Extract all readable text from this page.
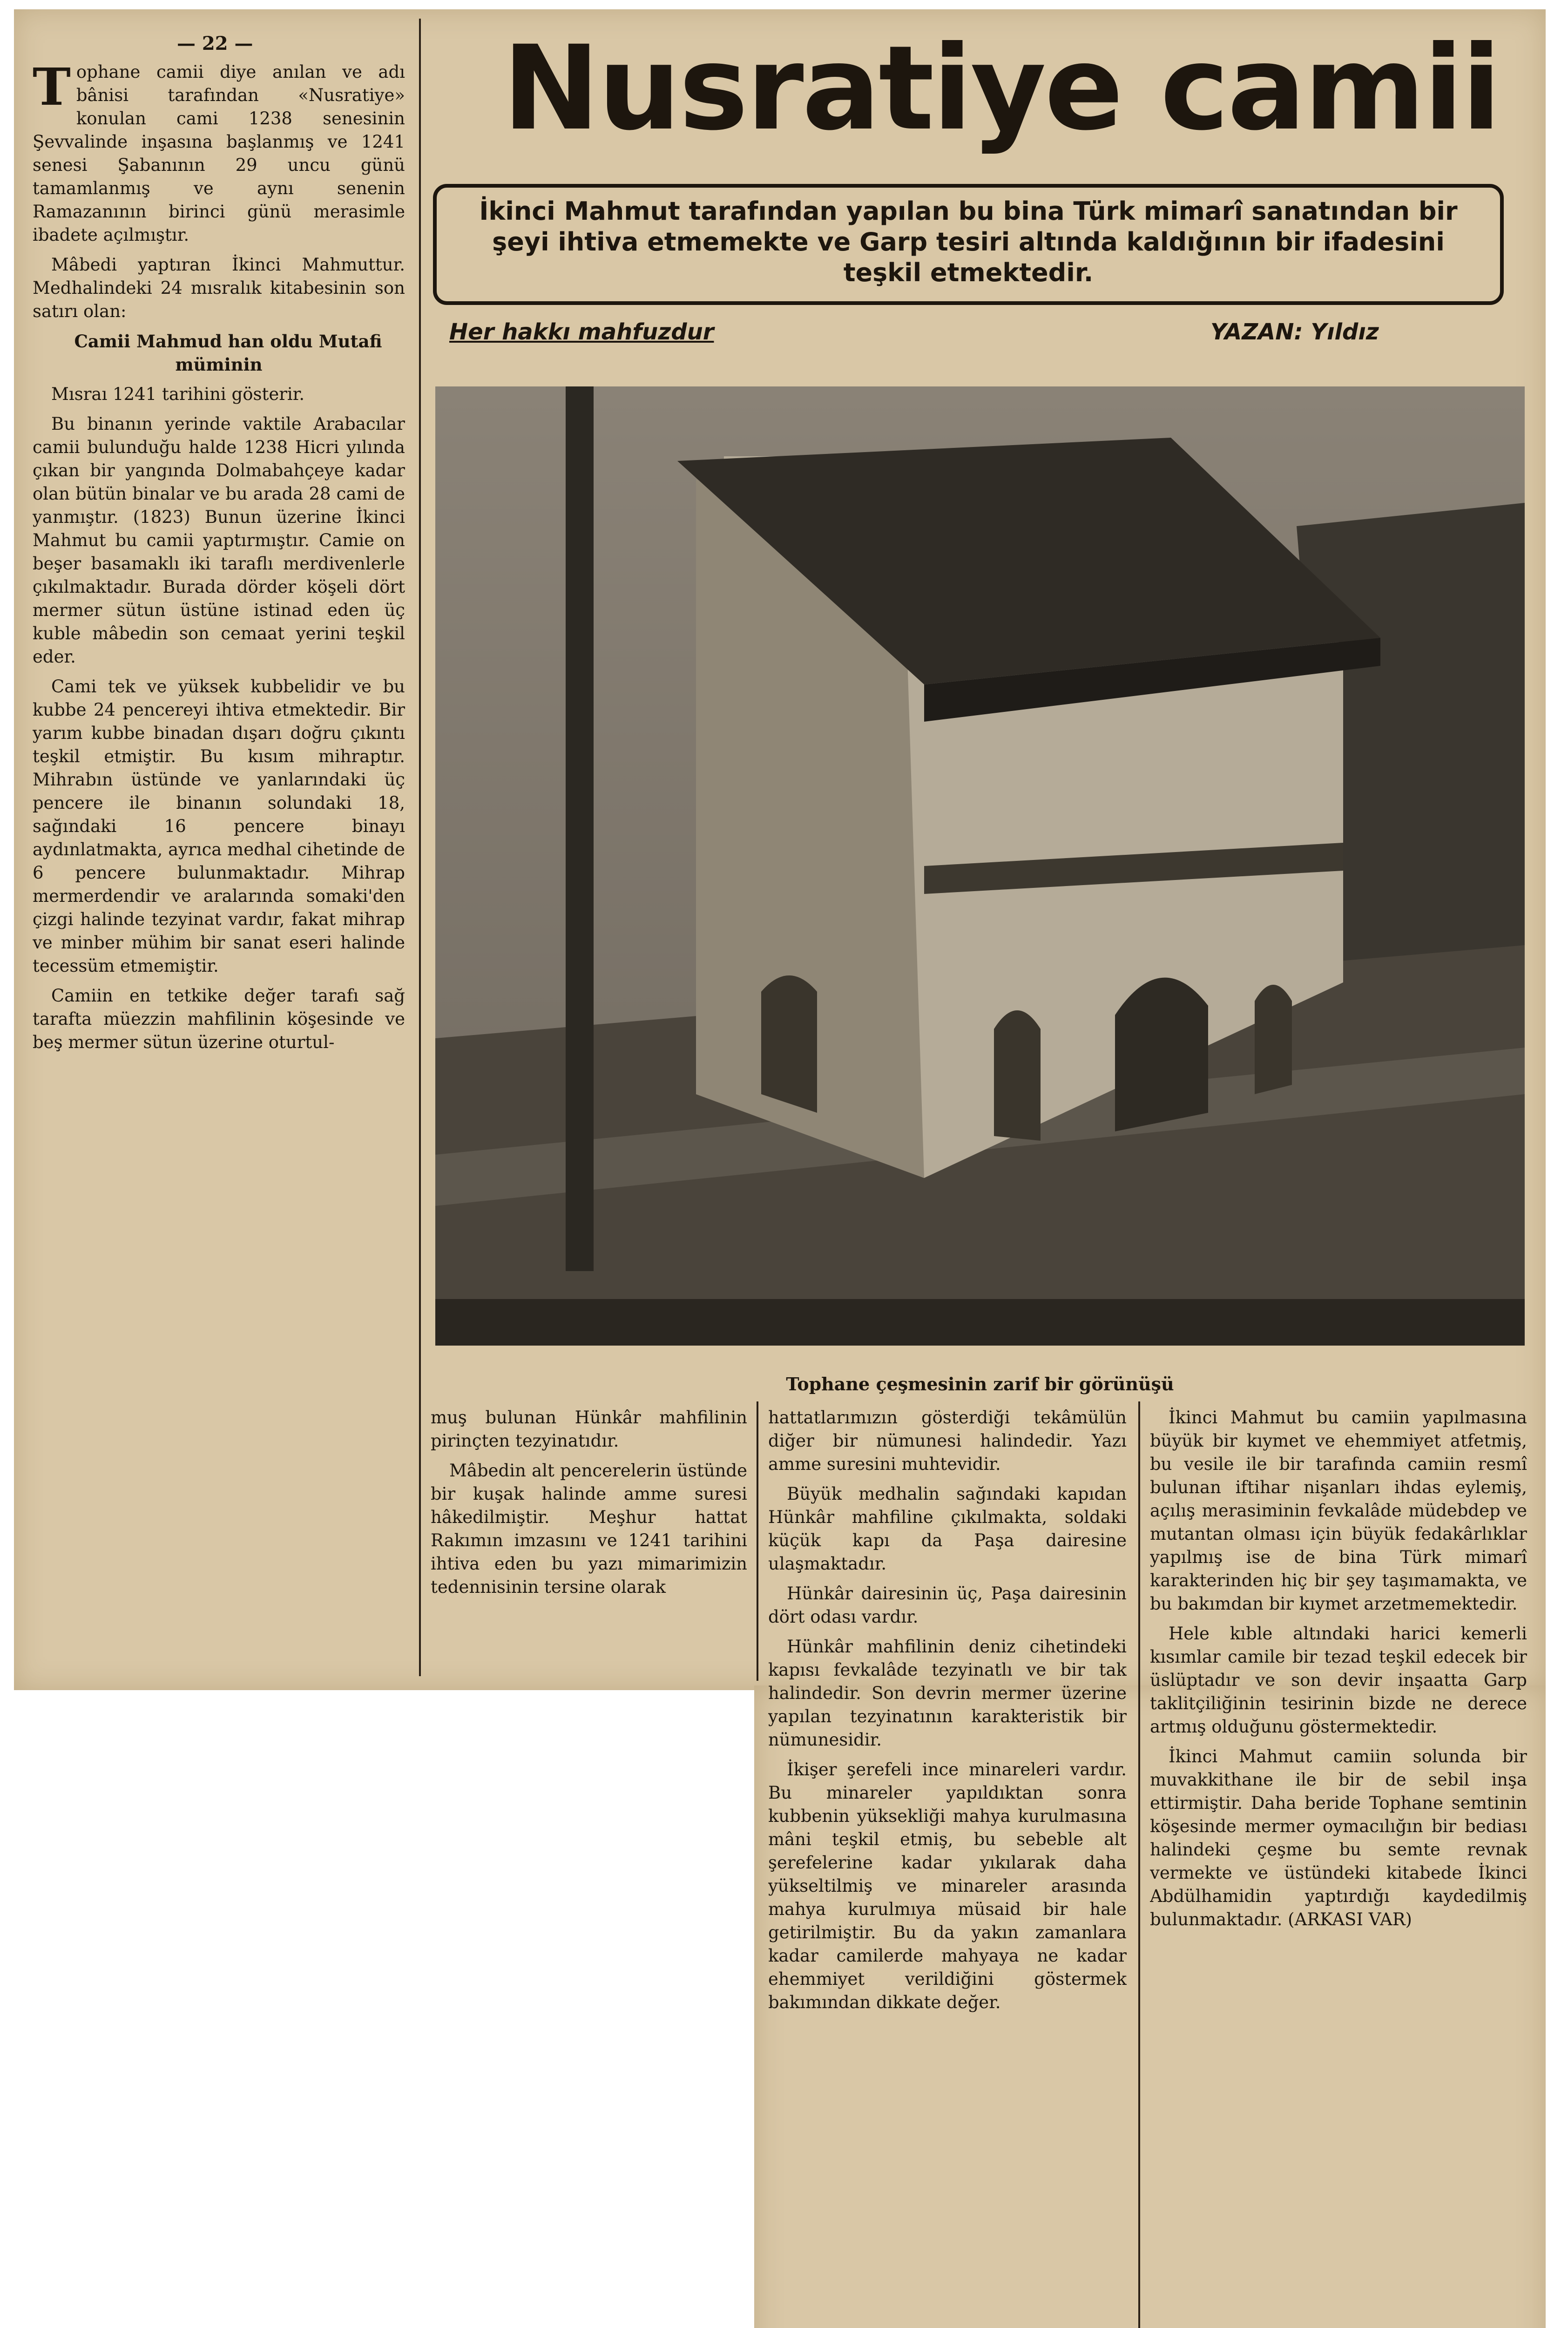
— 22 — Nusratiye camii
İkinci Mahmut tarafından yapılan bu bina Türk mimarî sanatından bir şeyi ihtiva etmemekte ve Garp tesiri altında kaldığının bir ifadesini teşkil etmektedir.
Her hakkı mahfuzdur	YAZAN: Yıldız

Tophane camii diye anılan ve adı bânisi tarafından «Nusratiye» konulan cami 1238 senesinin Şevvalinde inşasına başlanmış ve 1241 senesi Şabanının 29 uncu günü tamamlanmış ve aynı senenin Ramazanının birinci günü merasimle ibadete açılmıştır.

Mâbedi yaptıran İkinci Mahmuttur. Medhalindeki 24 mısralık kitabesinin son satırı olan:

Camii Mahmud han oldu Mutafi müminin

Mısraı 1241 tarihini gösterir.

Bu binanın yerinde vaktile Arabacılar camii bulunduğu halde 1238 Hicri yılında çıkan bir yangında Dolmabahçeye kadar olan bütün binalar ve bu arada 28 cami de yanmıştır. (1823) Bunun üzerine İkinci Mahmut bu camii yaptırmıştır. Camie on beşer basamaklı iki taraflı merdivenlerle çıkılmaktadır. Burada dörder köşeli dört mermer sütun üstüne istinad eden üç kuble mâbedin son cemaat yerini teşkil eder.

Cami tek ve yüksek kubbelidir ve bu kubbe 24 pencereyi ihtiva etmektedir. Bir yarım kubbe binadan dışarı doğru çıkıntı teşkil etmiştir. Bu kısım mihraptır. Mihrabın üstünde ve yanlarındaki üç pencere ile binanın solundaki 18, sağındaki 16 pencere binayı aydınlatmakta, ayrıca medhal cihetinde de 6 pencere bulunmaktadır. Mihrap mermerdendir ve aralarında somaki'den çizgi halinde tezyinat vardır, fakat mihrap ve minber mühim bir sanat eseri halinde tecessüm etmemiştir.

Camiin en tetkike değer tarafı sağ tarafta müezzin mahfilinin köşesinde ve beş mermer sütun üzerine oturtul-

muş bulunan Hünkâr mahfilinin pirinçten tezyinatıdır.

Mâbedin alt pencerelerin üstünde bir kuşak halinde amme suresi hâkedilmiştir. Meşhur hattat Rakımın imzasını ve 1241 tarihini ihtiva eden bu yazı mimarimizin tedennisinin tersine olarak

hattatlarımızın gösterdiği tekâmülün diğer bir nümunesi halindedir. Yazı amme suresini muhtevidir.

Büyük medhalin sağındaki kapıdan Hünkâr mahfiline çıkılmakta, soldaki küçük kapı da Paşa dairesine ulaşmaktadır.

Hünkâr dairesinin üç, Paşa dairesinin dört odası vardır.

Hünkâr mahfilinin deniz cihetindeki kapısı fevkalâde tezyinatlı ve bir tak halindedir. Son devrin mermer üzerine yapılan tezyinatının karakteristik bir nümunesidir.

İkişer şerefeli ince minareleri vardır. Bu minareler yapıldıktan sonra kubbenin yüksekliği mahya kurulmasına mâni teşkil etmiş, bu sebeble alt şerefelerine kadar yıkılarak daha yükseltilmiş ve minareler arasında mahya kurulmıya müsaid bir hale getirilmiştir. Bu da yakın zamanlara kadar camilerde mahyaya ne kadar ehemmiyet verildiğini göstermek bakımından dikkate değer.

İkinci Mahmut bu camiin yapılmasına büyük bir kıymet ve ehemmiyet atfetmiş, bu vesile ile bir tarafında camiin resmî bulunan iftihar nişanları ihdas eylemiş, açılış merasiminin fevkalâde müdebdep ve mutantan olması için büyük fedakârlıklar yapılmış ise de bina Türk mimarî karakterinden hiç bir şey taşımamakta, ve bu bakımdan bir kıymet arzetmemektedir.

Hele kıble altındaki harici kemerli kısımlar camile bir tezad teşkil edecek bir üslüptadır ve son devir inşaatta Garp taklitçiliğinin tesirinin bizde ne derece artmış olduğunu göstermektedir.

İkinci Mahmut camiin solunda bir muvakkithane ile bir de sebil inşa ettirmiştir. Daha beride Tophane semtinin köşesinde mermer oymacılığın bir bediası halindeki çeşme bu semte revnak vermekte ve üstündeki kitabede İkinci Abdülhamidin yaptırdığı kaydedilmiş bulunmaktadır. (ARKASI VAR)

Tophane çeşmesinin zarif bir görünüşü
